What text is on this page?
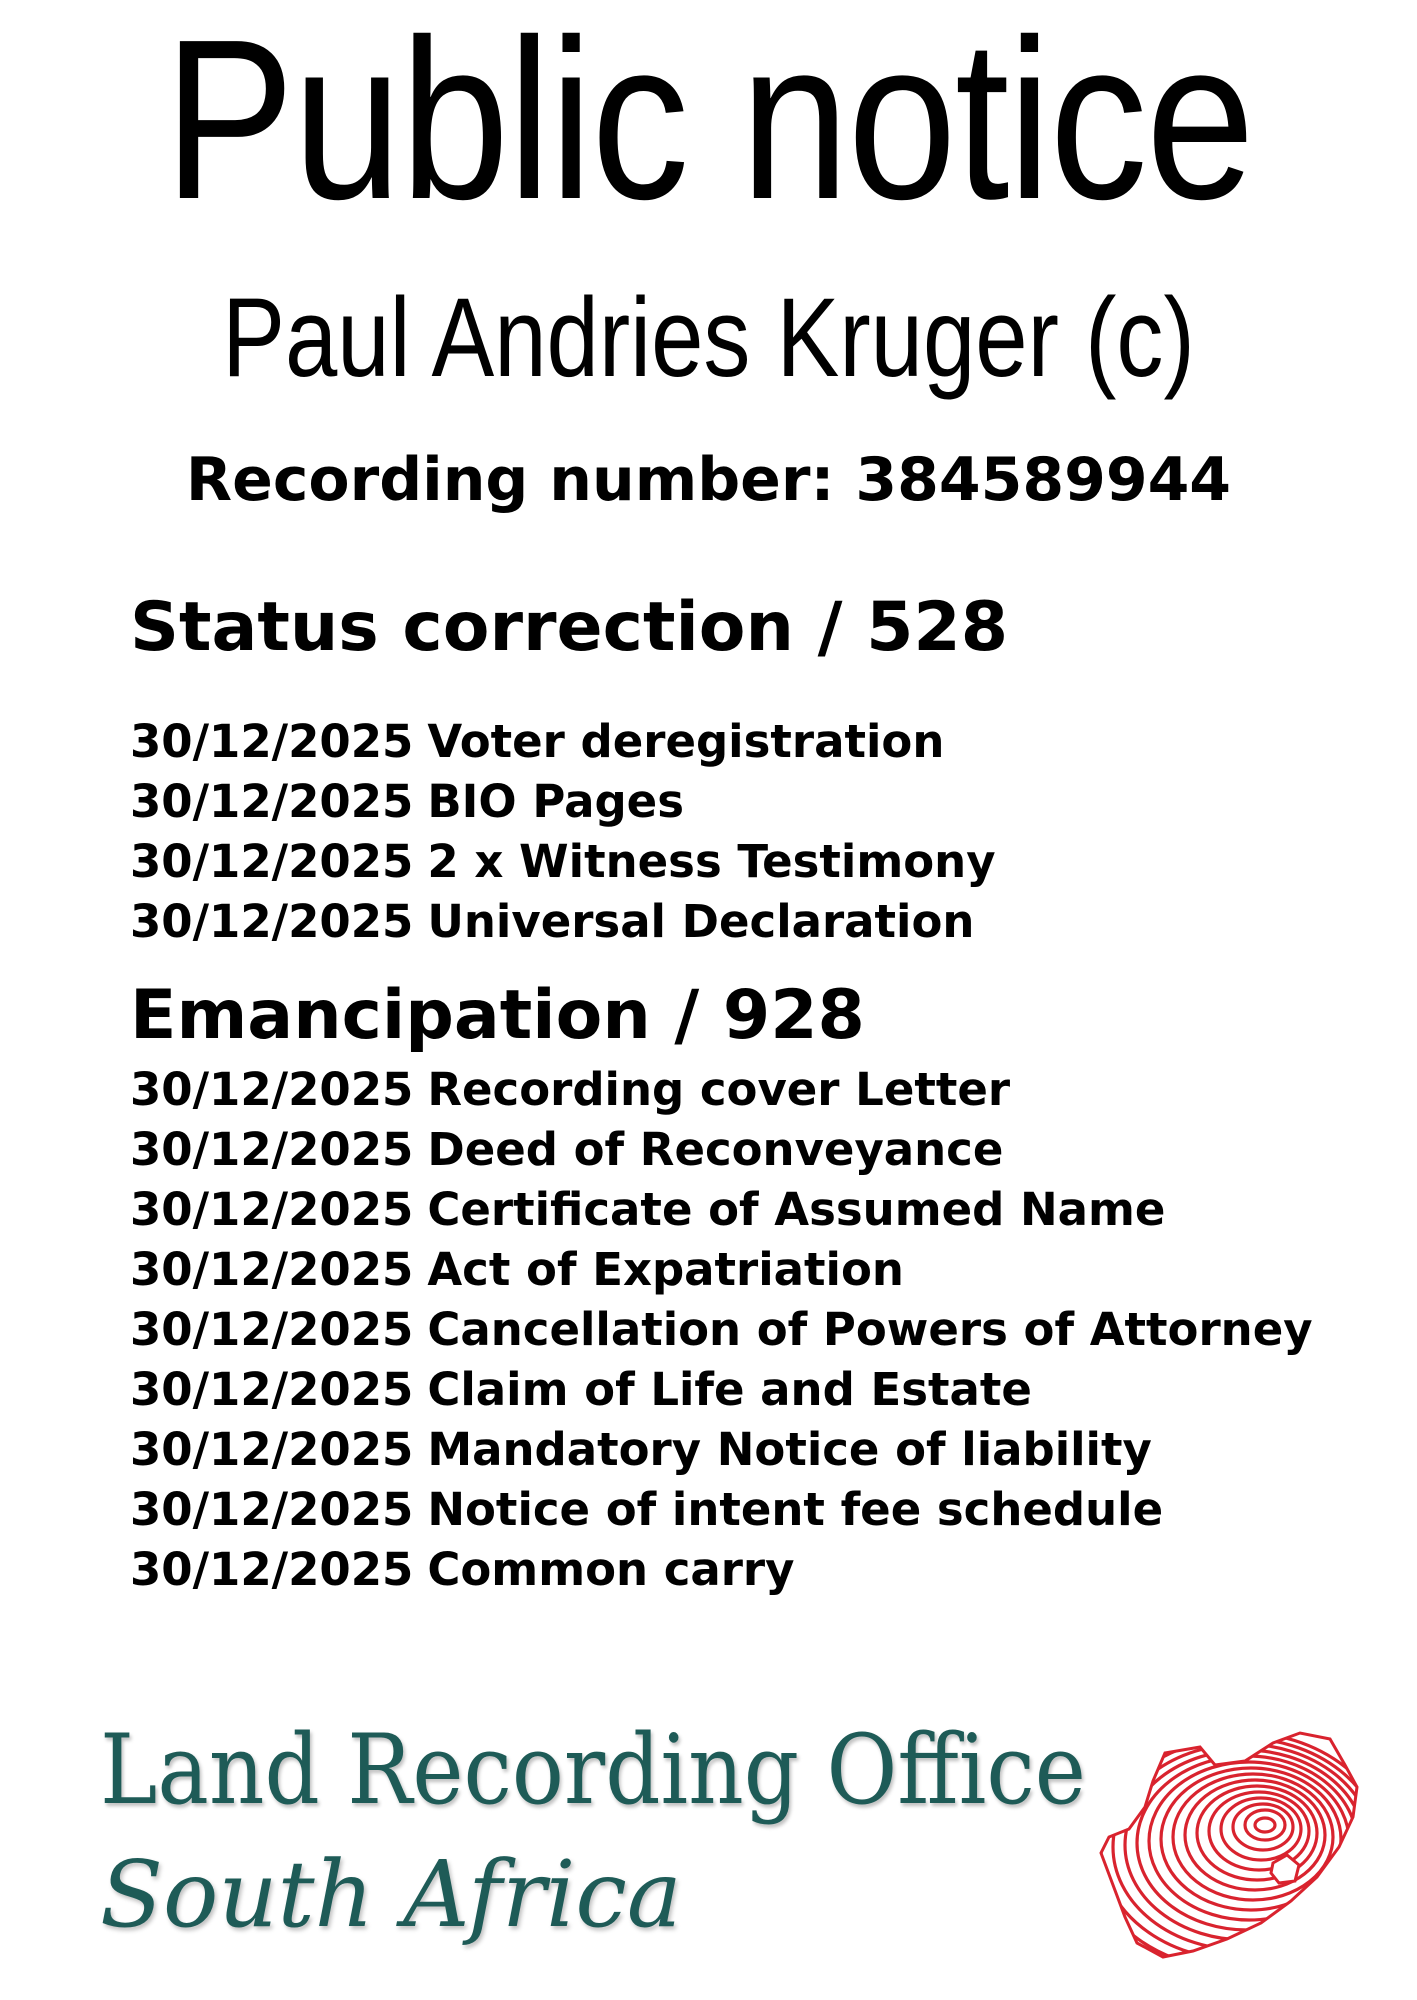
Public notice
Paul Andries Kruger (c)
Recording number: 384589944
Status correction / 528
30/12/2025 Voter deregistration
30/12/2025 BIO Pages
30/12/2025 2 x Witness Testimony
30/12/2025 Universal Declaration
Emancipation / 928
30/12/2025 Recording cover Letter
30/12/2025 Deed of Reconveyance
30/12/2025 Certificate of Assumed Name
30/12/2025 Act of Expatriation
30/12/2025 Cancellation of Powers of Attorney
30/12/2025 Claim of Life and Estate
30/12/2025 Mandatory Notice of liability
30/12/2025 Notice of intent fee schedule
30/12/2025 Common carry
Land Recording Office
South Africa
